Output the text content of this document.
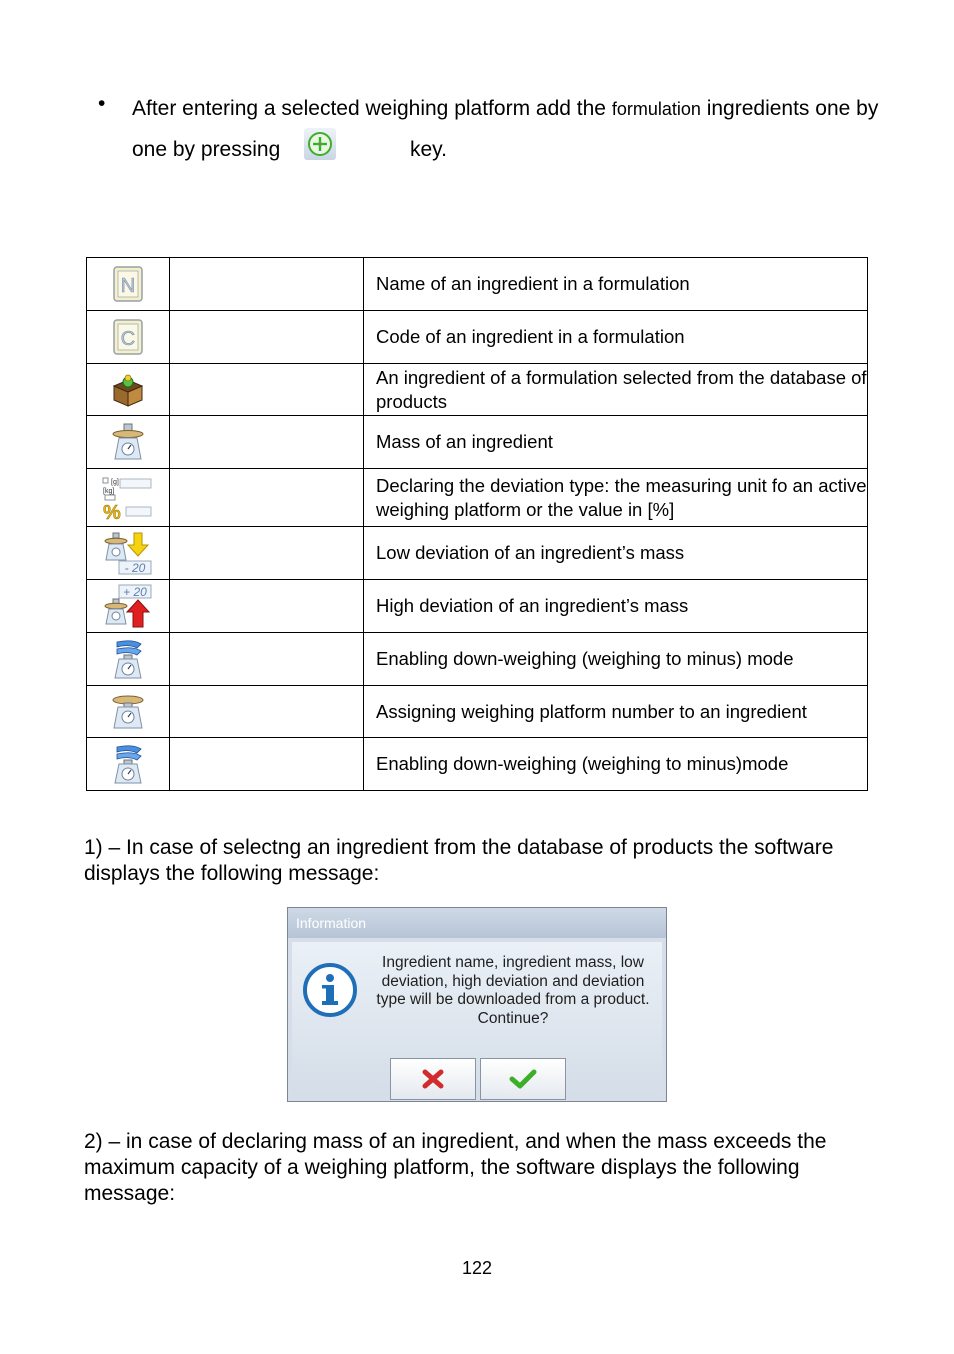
• After entering a selected weighing platform add the formulation ingredients one by one by pressing	key.
N		Name of an ingredient in a formulation

C		Code of an ingredient in a formulation
		An ingredient of a formulation selected from the database of products
		Mass of an ingredient

[g]
[kg]
%		Declaring the deviation type: the measuring unit fo an active weighing platform or the value in [%]

- 20		Low deviation of an ingredient’s mass

+ 20		High deviation of an ingredient’s mass
		Enabling down-weighing (weighing to minus) mode
		Assigning weighing platform number to an ingredient
		Enabling down-weighing (weighing to minus)mode
1) – In case of selectng an ingredient from the database of products the software displays the following message:
Information
Ingredient name, ingredient mass, low deviation, high deviation and deviation type will be downloaded from a product. Continue?
2) – in case of declaring mass of an ingredient, and when the mass exceeds the maximum capacity of a weighing platform, the software displays the following message:
122
